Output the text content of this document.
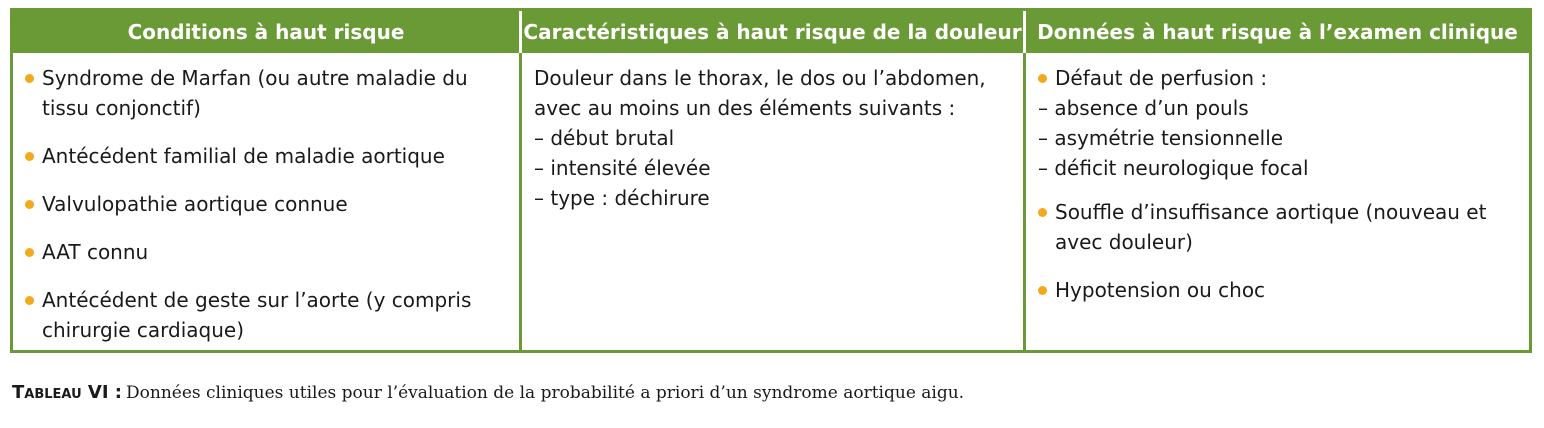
Conditions à haut risque	Caractéristiques à haut risque de la douleur Données à haut risque à l’examen clinique
Syndrome de Marfan (ou autre maladie du
tissu conjonctif)
Antécédent familial de maladie aortique
Valvulopathie aortique connue
AAT connu
Antécédent de geste sur l’aorte (y compris
chirurgie cardiaque)
Douleur dans le thorax, le dos ou l’abdomen,
avec au moins un des éléments suivants :
– début brutal
– intensité élevée
– type : déchirure
Défaut de perfusion :
– absence d’un pouls
– asymétrie tensionnelle
– déficit neurologique focal
Souffle d’insuffisance aortique (nouveau et
avec douleur)
Hypotension ou choc
Tableau VI : Données cliniques utiles pour l’évaluation de la probabilité a priori d’un syndrome aortique aigu.
